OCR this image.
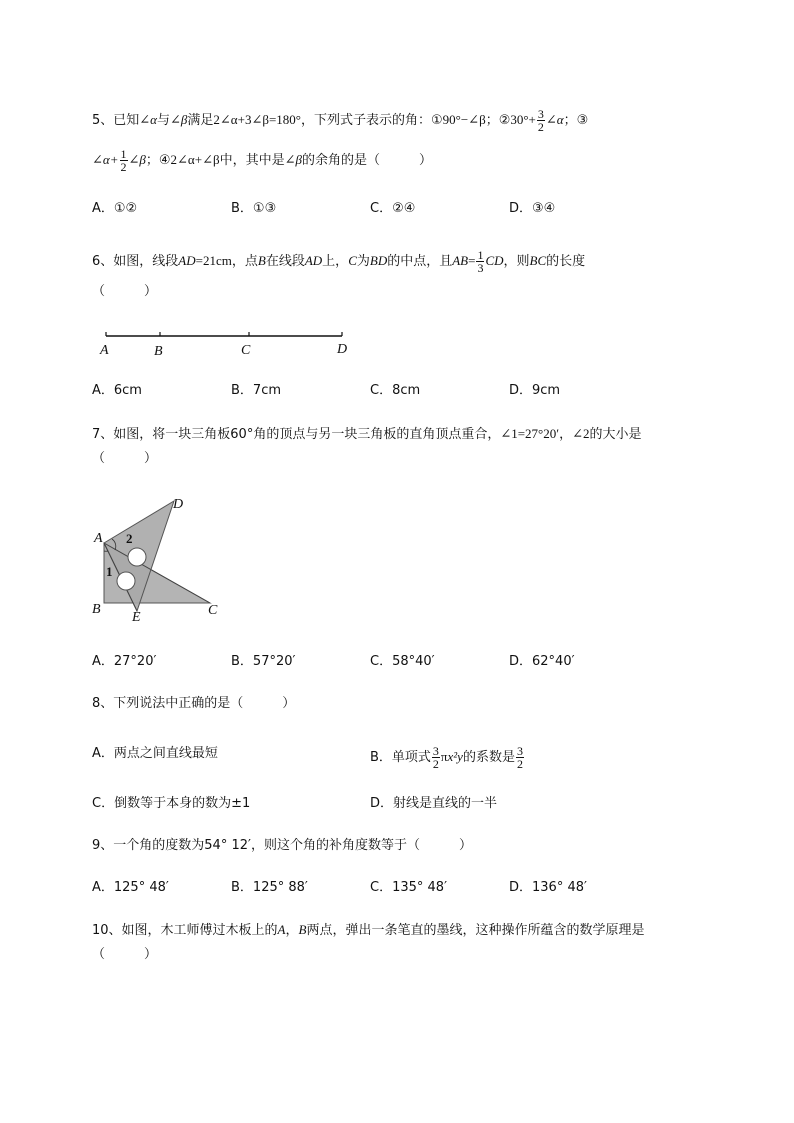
5、已知∠α与∠β满足2∠α+3∠β=180°，下列式子表示的角：①90°−∠β；②30°+ $\frac{3}{2}$ ∠α；③
∠α+ $\frac{1}{2}$ ∠β；④2∠α+∠β中，其中是∠β的余角的是（　　　）
A．①②	B．①③	C．②④	D．③④
6、如图，线段AD=21cm，点B在线段AD上，C为BD的中点，且$AB= \frac{1}{3}$ CD，则BC的长度
（　　　）
A	B	C	D
A．6cm	B．7cm	C．8cm	D．9cm
7、如图，将一块三角板60°角的顶点与另一块三角板的直角顶点重合，∠1=27°20′，∠2的大小是
（　　　）
A
B	C
D
E
1
2
A．27°20′	B．57°20′	C．58°40′	D．62°40′
8、下列说法中正确的是（　　　）
A．两点之间直线最短	B．单项式 $\frac{3}{2} \pi x^2y$的系数是 $\frac{3}{2}$
C．倒数等于本身的数为±1	D．射线是直线的一半
9、一个角的度数为54° 12′，则这个角的补角度数等于（　　　）
A．125° 48′	B．125° 88′	C．135° 48′	D．136° 48′
10、如图，木工师傅过木板上的A，B两点，弹出一条笔直的墨线，这种操作所蕴含的数学原理是
（　　　）
